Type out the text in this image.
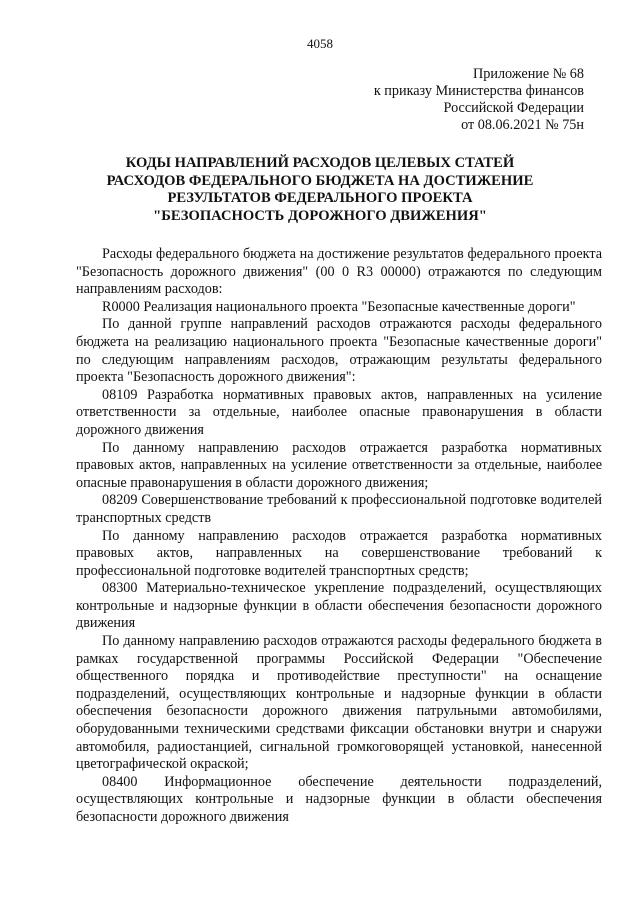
4058
Приложение № 68
к приказу Министерства финансов
Российской Федерации
от 08.06.2021 № 75н
КОДЫ НАПРАВЛЕНИЙ РАСХОДОВ ЦЕЛЕВЫХ СТАТЕЙ
РАСХОДОВ ФЕДЕРАЛЬНОГО БЮДЖЕТА НА ДОСТИЖЕНИЕ
РЕЗУЛЬТАТОВ ФЕДЕРАЛЬНОГО ПРОЕКТА
"БЕЗОПАСНОСТЬ ДОРОЖНОГО ДВИЖЕНИЯ"

Расходы федерального бюджета на достижение результатов федерального проекта "Безопасность дорожного движения" (00 0 R3 00000) отражаются по следующим направлениям расходов:

R0000 Реализация национального проекта "Безопасные качественные дороги"

По данной группе направлений расходов отражаются расходы федерального бюджета на реализацию национального проекта "Безопасные качественные дороги" по следующим направлениям расходов, отражающим результаты федерального проекта "Безопасность дорожного движения":

08109 Разработка нормативных правовых актов, направленных на усиление ответственности за отдельные, наиболее опасные правонарушения в области дорожного движения

По данному направлению расходов отражается разработка нормативных правовых актов, направленных на усиление ответственности за отдельные, наиболее опасные правонарушения в области дорожного движения;

08209 Совершенствование требований к профессиональной подготовке водителей транспортных средств

По данному направлению расходов отражается разработка нормативных правовых актов, направленных на совершенствование требований к профессиональной подготовке водителей транспортных средств;

08300 Материально-техническое укрепление подразделений, осуществляющих контрольные и надзорные функции в области обеспечения безопасности дорожного движения

По данному направлению расходов отражаются расходы федерального бюджета в рамках государственной программы Российской Федерации "Обеспечение общественного порядка и противодействие преступности" на оснащение подразделений, осуществляющих контрольные и надзорные функции в области обеспечения безопасности дорожного движения патрульными автомобилями, оборудованными техническими средствами фиксации обстановки внутри и снаружи автомобиля, радиостанцией, сигнальной громкоговорящей установкой, нанесенной цветографической окраской;

08400 Информационное обеспечение деятельности подразделений, осуществляющих контрольные и надзорные функции в области обеспечения безопасности дорожного движения
